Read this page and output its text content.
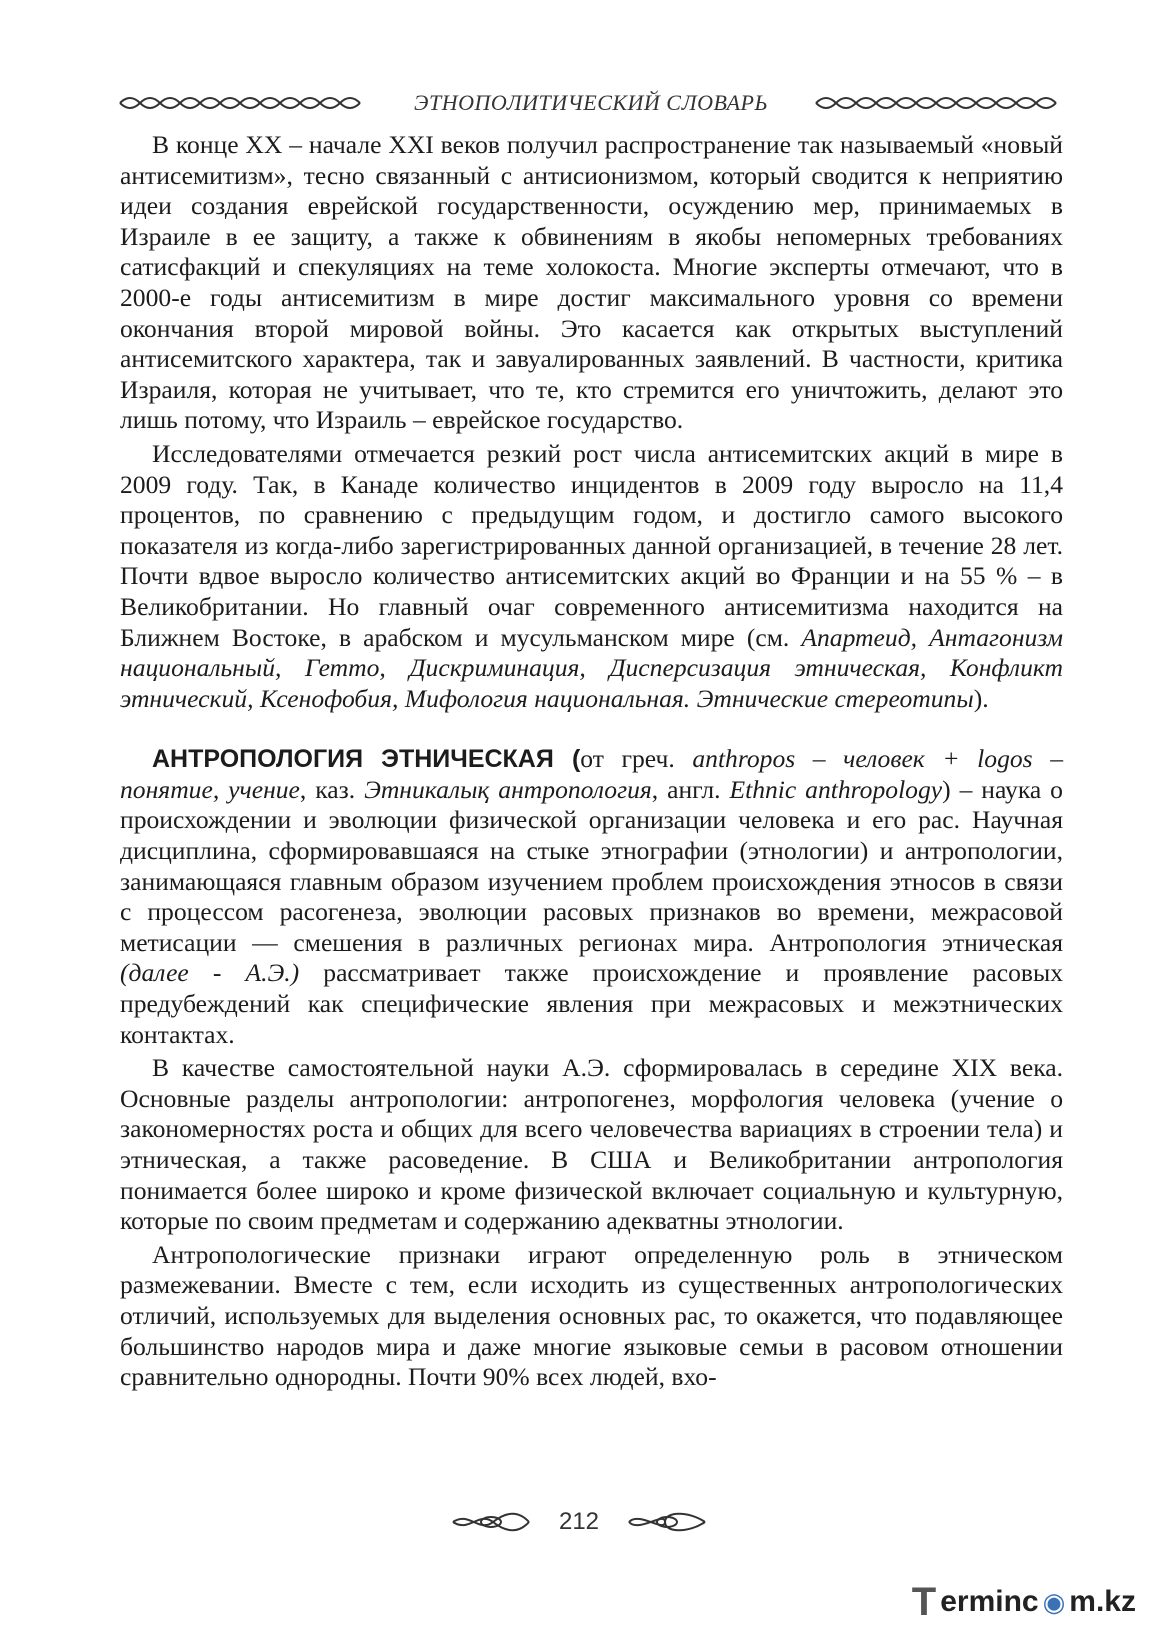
ЭТНОПОЛИТИЧЕСКИЙ СЛОВАРЬ

В конце XX – начале XXI веков получил распространение так называемый «новый антисемитизм», тесно связанный с антисионизмом, который сводится к неприятию идеи создания еврейской государственности, осуждению мер, принимаемых в Израиле в ее защиту, а также к обвинениям в якобы непомерных требованиях сатисфакций и спекуляциях на теме холокоста. Многие эксперты отмечают, что в 2000-е годы антисемитизм в мире достиг максимального уровня со времени окончания второй мировой войны. Это касается как открытых выступлений антисемитского характера, так и завуалированных заявлений. В частности, критика Израиля, которая не учитывает, что те, кто стремится его уничтожить, делают это лишь потому, что Израиль – еврейское государство.

Исследователями отмечается резкий рост числа антисемитских акций в мире в 2009 году. Так, в Канаде количество инцидентов в 2009 году выросло на 11,4 процентов, по сравнению с предыдущим годом, и достигло самого высокого показателя из когда-либо зарегистрированных данной организацией, в течение 28 лет. Почти вдвое выросло количество антисемитских акций во Франции и на 55 % – в Великобритании. Но главный очаг современного антисемитизма находится на Ближнем Востоке, в арабском и мусульманском мире (см. Апартеид, Антагонизм национальный, Гетто, Дискриминация, Дисперсизация этническая, Конфликт этнический, Ксенофобия, Мифология национальная. Этнические стереотипы).

АНТРОПОЛОГИЯ ЭТНИЧЕСКАЯ (от греч. anthropos – человек + logos – понятие, учение, каз. Этникалық антропология, англ. Ethnic anthropology) – наука о происхождении и эволюции физической организации человека и его рас. Научная дисциплина, сформировавшаяся на стыке этнографии (этнологии) и антропологии, занимающаяся главным образом изучением проблем происхождения этносов в связи с процессом расогенеза, эволюции расовых признаков во времени, межрасовой метисации — смешения в различных регионах мира. Антропология этническая (далее - А.Э.) рассматривает также происхождение и проявление расовых предубеждений как специфические явления при межрасовых и межэтнических контактах.

В качестве самостоятельной науки А.Э. сформировалась в середине XIX века. Основные разделы антропологии: антропогенез, морфология человека (учение о закономерностях роста и общих для всего человечества вариациях в строении тела) и этническая, а также расоведение. В США и Великобритании антропология понимается более широко и кроме физической включает социальную и культурную, которые по своим предметам и содержанию адекватны этнологии.

Антропологические признаки играют определенную роль в этническом размежевании. Вместе с тем, если исходить из существенных антропологических отличий, используемых для выделения основных рас, то окажется, что подавляющее большинство народов мира и даже многие языковые семьи в расовом отношении сравнительно однородны. Почти 90% всех людей, вхо-

212
T erminc ◉ m.kz
